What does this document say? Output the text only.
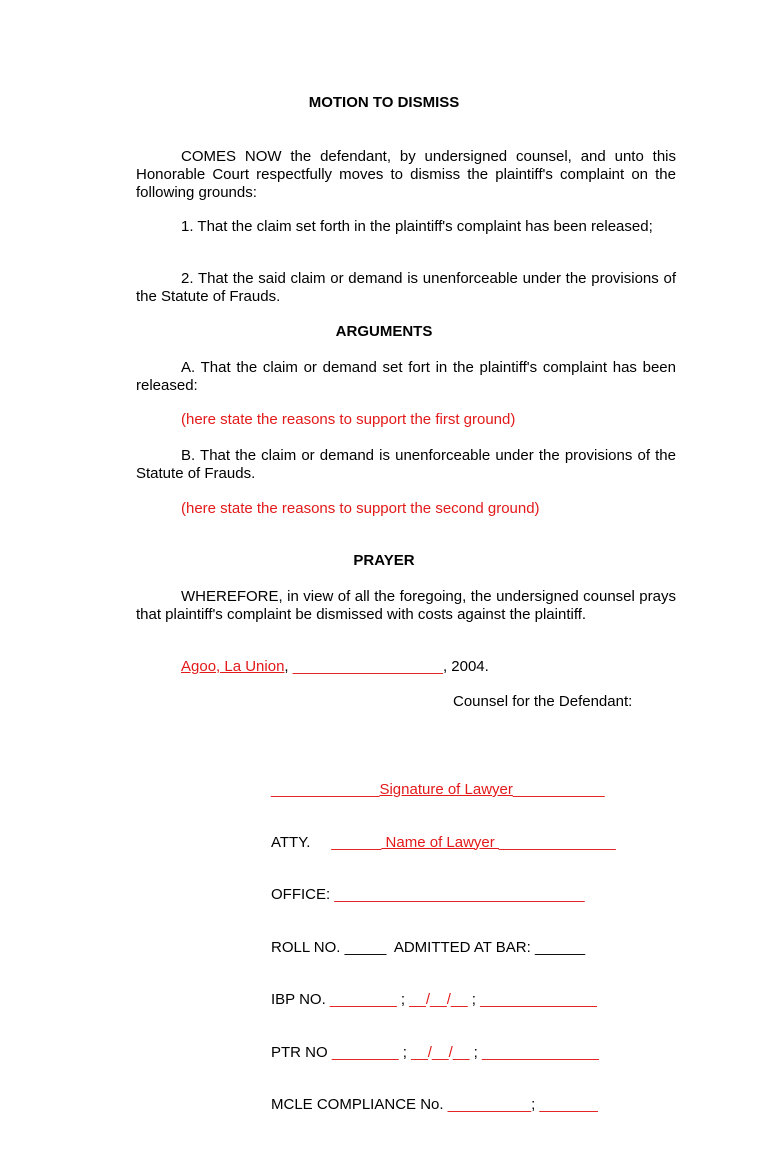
MOTION TO DISMISS
COMES NOW the defendant, by undersigned counsel, and unto this Honorable Court respectfully moves to dismiss the plaintiff's complaint on the following grounds:
1. That the claim set forth in the plaintiff's complaint has been released;
2. That the said claim or demand is unenforceable under the provisions of the Statute of Frauds.
ARGUMENTS
A. That the claim or demand set fort in the plaintiff's complaint has been released:
(here state the reasons to support the first ground)
B. That the claim or demand is unenforceable under the provisions of the Statute of Frauds.
(here state the reasons to support the second ground)
PRAYER
WHEREFORE, in view of all the foregoing, the undersigned counsel prays that plaintiff's complaint be dismissed with costs against the plaintiff.
Agoo, La Union, __________________, 2004.
Counsel for the Defendant:

_____________Signature of Lawyer___________

ATTY. ______ Name of Lawyer ______________

OFFICE: ______________________________

ROLL NO. _____  ADMITTED AT BAR: ______

IBP NO. ________ ; __/__/__ ; ______________

PTR NO ________ ; __/__/__ ; ______________

MCLE COMPLIANCE No. __________; _______
